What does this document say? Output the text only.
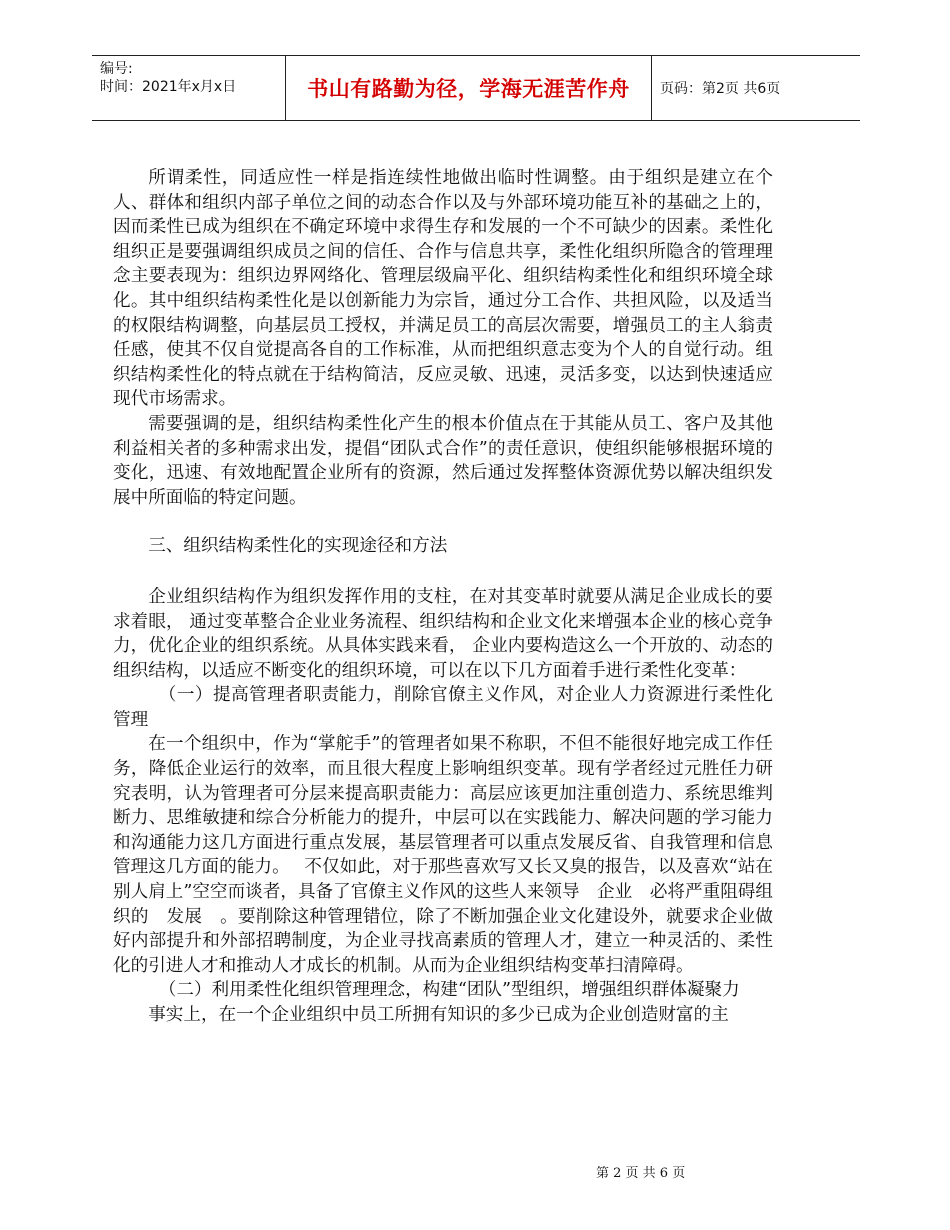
编号:
时间：2021年x月x日	书山有路勤为径，学海无涯苦作舟 页码：第2页 共6页

所谓柔性，同适应性一样是指连续性地做出临时性调整。由于组织是建立在个人、群体和组织内部子单位之间的动态合作以及与外部环境功能互补的基础之上的，因而柔性已成为组织在不确定环境中求得生存和发展的一个不可缺少的因素。柔性化组织正是要强调组织成员之间的信任、合作与信息共享，柔性化组织所隐含的管理理念主要表现为：组织边界网络化、管理层级扁平化、组织结构柔性化和组织环境全球化。其中组织结构柔性化是以创新能力为宗旨，通过分工合作、共担风险，以及适当的权限结构调整，向基层员工授权，并满足员工的高层次需要，增强员工的主人翁责任感，使其不仅自觉提高各自的工作标准，从而把组织意志变为个人的自觉行动。组织结构柔性化的特点就在于结构简洁，反应灵敏、迅速，灵活多变，以达到快速适应现代市场需求。

需要强调的是，组织结构柔性化产生的根本价值点在于其能从员工、客户及其他利益相关者的多种需求出发，提倡“团队式合作”的责任意识，使组织能够根据环境的变化，迅速、有效地配置企业所有的资源，然后通过发挥整体资源优势以解决组织发展中所面临的特定问题。

三、组织结构柔性化的实现途径和方法

企业组织结构作为组织发挥作用的支柱，在对其变革时就要从满足企业成长的要求着眼， 通过变革整合企业业务流程、组织结构和企业文化来增强本企业的核心竞争力，优化企业的组织系统。从具体实践来看， 企业内要构造这么一个开放的、动态的组织结构，以适应不断变化的组织环境，可以在以下几方面着手进行柔性化变革：

（一）提高管理者职责能力，削除官僚主义作风，对企业人力资源进行柔性化管理

在一个组织中，作为“掌舵手”的管理者如果不称职，不但不能很好地完成工作任务，降低企业运行的效率，而且很大程度上影响组织变革。现有学者经过元胜任力研究表明，认为管理者可分层来提高职责能力：高层应该更加注重创造力、系统思维判断力、思维敏捷和综合分析能力的提升，中层可以在实践能力、解决问题的学习能力和沟通能力这几方面进行重点发展，基层管理者可以重点发展反省、自我管理和信息管理这几方面的能力。　 不仅如此，对于那些喜欢写又长又臭的报告，以及喜欢“站在别人肩上”空空而谈者，具备了官僚主义作风的这些人来领导　企业　必将严重阻碍组织的　发展　。要削除这种管理错位，除了不断加强企业文化建设外，就要求企业做好内部提升和外部招聘制度，为企业寻找高素质的管理人才，建立一种灵活的、柔性化的引进人才和推动人才成长的机制。从而为企业组织结构变革扫清障碍。

（二）利用柔性化组织管理理念，构建“团队”型组织，增强组织群体凝聚力

事实上，在一个企业组织中员工所拥有知识的多少已成为企业创造财富的主

第 2 页 共 6 页
